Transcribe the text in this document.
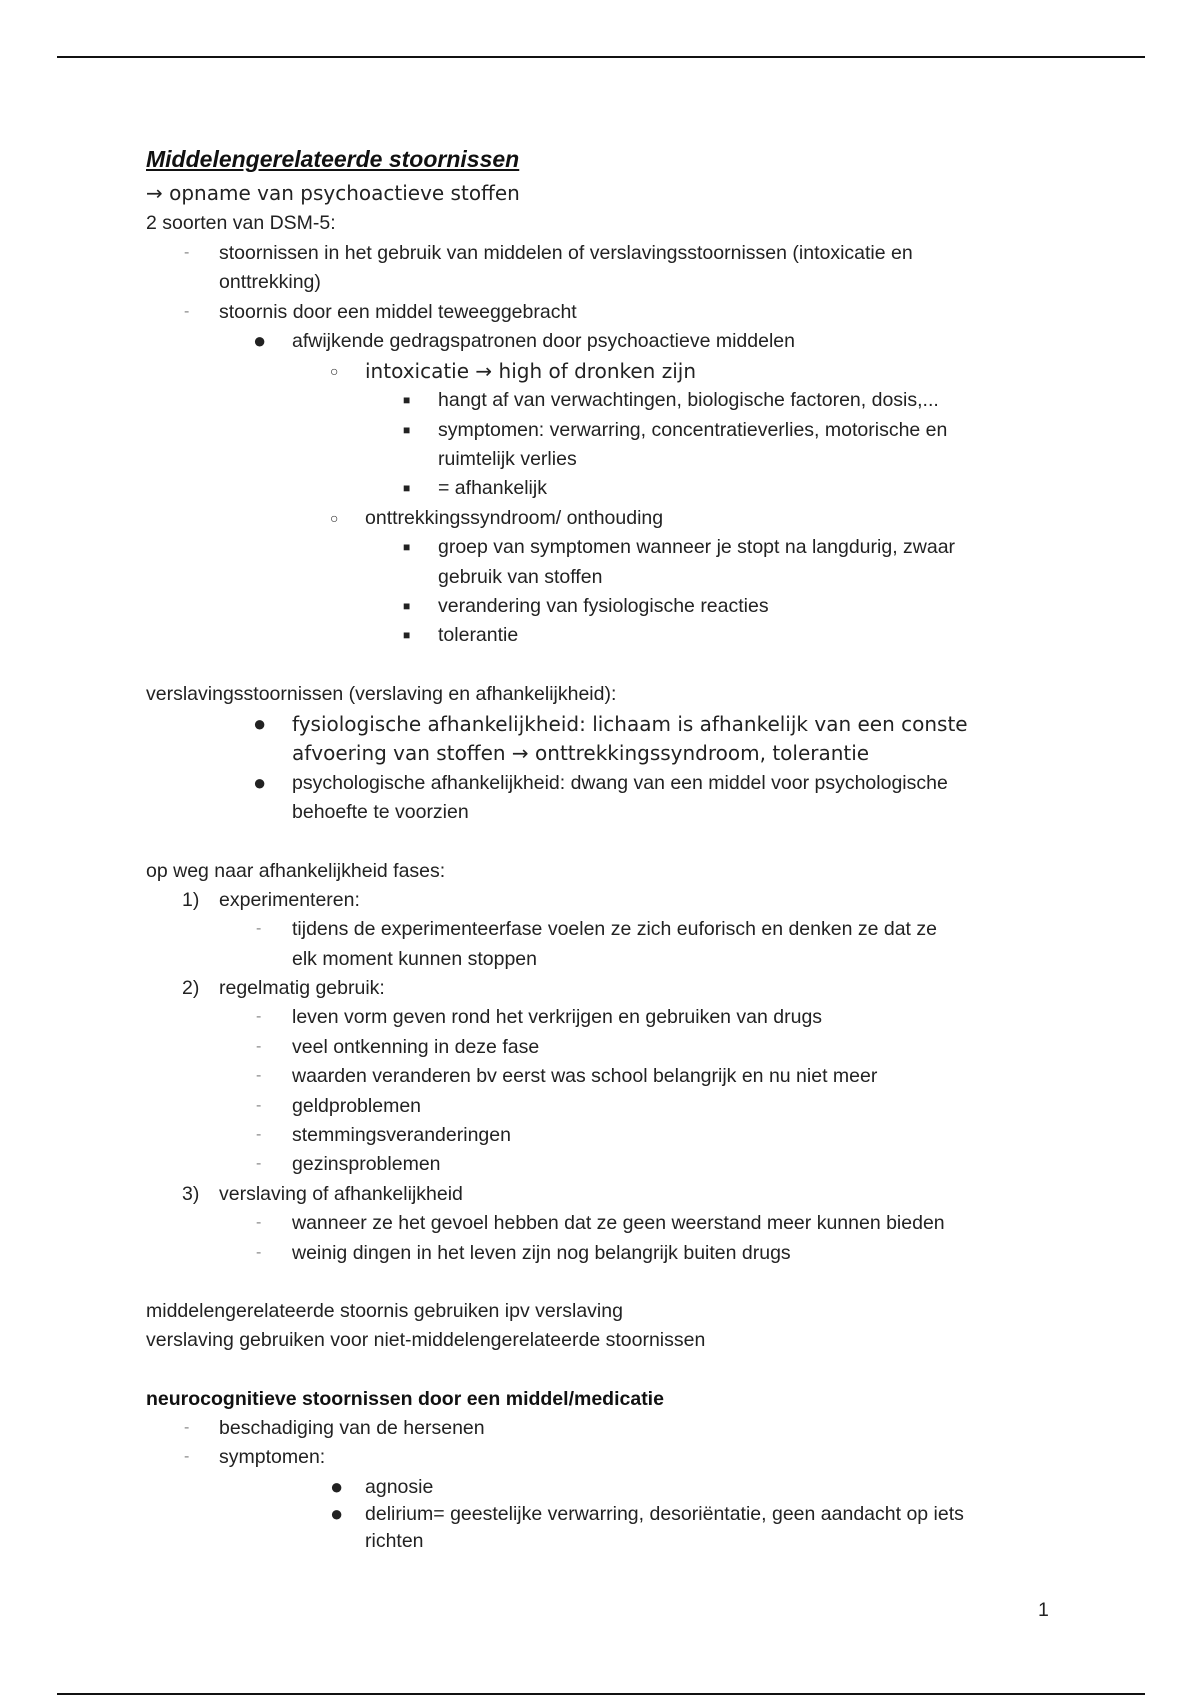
Middelengerelateerde stoornissen
→ opname van psychoactieve stoffen
2 soorten van DSM-5:
- stoornissen in het gebruik van middelen of verslavingsstoornissen (intoxicatie en
onttrekking)
- stoornis door een middel teweeggebracht
● afwijkende gedragspatronen door psychoactieve middelen
○ intoxicatie → high of dronken zijn
■ hangt af van verwachtingen, biologische factoren, dosis,...
■ symptomen: verwarring, concentratieverlies, motorische en
ruimtelijk verlies
■ = afhankelijk
○ onttrekkingssyndroom/ onthouding
■ groep van symptomen wanneer je stopt na langdurig, zwaar
gebruik van stoffen
■ verandering van fysiologische reacties
■ tolerantie
verslavingsstoornissen (verslaving en afhankelijkheid):
● fysiologische afhankelijkheid: lichaam is afhankelijk van een conste
afvoering van stoffen → onttrekkingssyndroom, tolerantie
● psychologische afhankelijkheid: dwang van een middel voor psychologische
behoefte te voorzien
op weg naar afhankelijkheid fases:
1) experimenteren:
- tijdens de experimenteerfase voelen ze zich euforisch en denken ze dat ze
elk moment kunnen stoppen
2) regelmatig gebruik:
- leven vorm geven rond het verkrijgen en gebruiken van drugs
- veel ontkenning in deze fase
- waarden veranderen bv eerst was school belangrijk en nu niet meer
- geldproblemen
- stemmingsveranderingen
- gezinsproblemen
3) verslaving of afhankelijkheid
- wanneer ze het gevoel hebben dat ze geen weerstand meer kunnen bieden
- weinig dingen in het leven zijn nog belangrijk buiten drugs
middelengerelateerde stoornis gebruiken ipv verslaving
verslaving gebruiken voor niet-middelengerelateerde stoornissen
neurocognitieve stoornissen door een middel/medicatie
- beschadiging van de hersenen
- symptomen:
● agnosie
● delirium= geestelijke verwarring, desoriëntatie, geen aandacht op iets
richten
1
